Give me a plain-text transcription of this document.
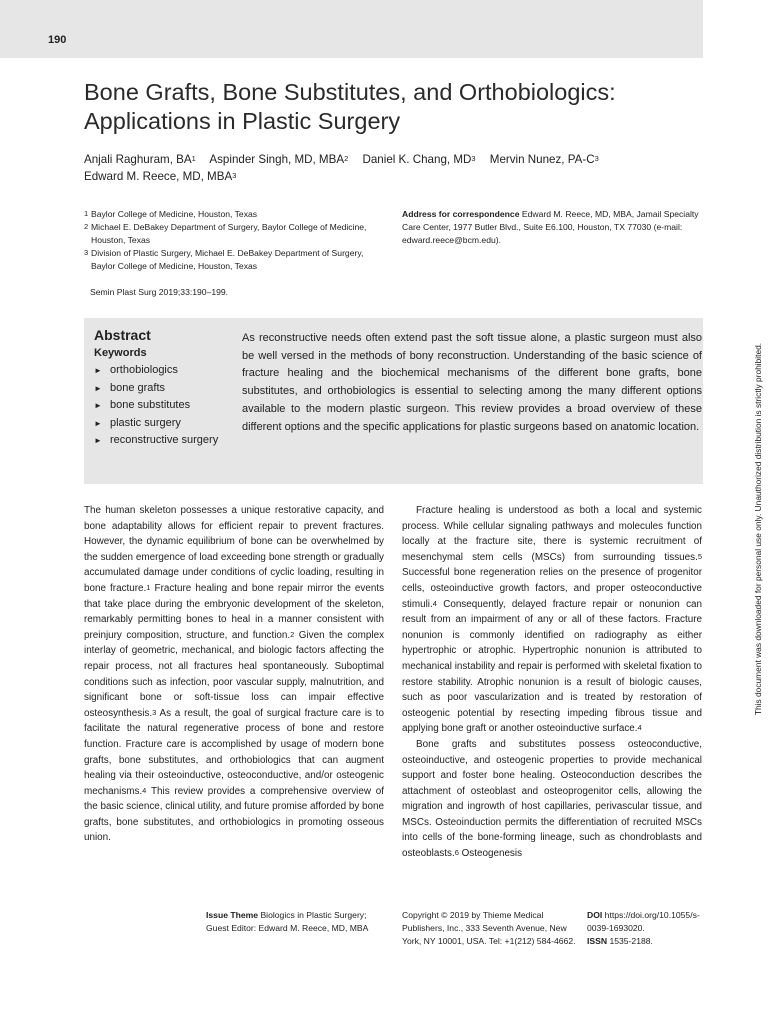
190
Bone Grafts, Bone Substitutes, and Orthobiologics: Applications in Plastic Surgery
Anjali Raghuram, $BA^1$ Aspinder Singh, MD, MBA$^2$ Daniel K. Chang, $MD^3$ Mervin Nunez, $PA-C^3$
Edward M. Reece, MD, MBA$^3$
1 Baylor College of Medicine, Houston, Texas
2 Michael E. DeBakey Department of Surgery, Baylor College of Medicine, Houston, Texas
3 Division of Plastic Surgery, Michael E. DeBakey Department of Surgery, Baylor College of Medicine, Houston, Texas
Address for correspondence Edward M. Reece, MD, MBA, Jamail Specialty Care Center, 1977 Butler Blvd., Suite E6.100, Houston, TX 77030 (e-mail: edward.reece@bcm.edu).
Semin Plast Surg 2019;33:190–199.
Abstract
Keywords
► orthobiologics
► bone grafts
► bone substitutes
► plastic surgery
► reconstructive surgery
As reconstructive needs often extend past the soft tissue alone, a plastic surgeon must also be well versed in the methods of bony reconstruction. Understanding of the basic science of fracture healing and the biochemical mechanisms of the different bone grafts, bone substitutes, and orthobiologics is essential to selecting among the many different options available to the modern plastic surgeon. This review provides a broad overview of these different options and the specific applications for plastic surgeons based on anatomic location.

The human skeleton possesses a unique restorative capacity, and bone adaptability allows for efficient repair to prevent fractures. However, the dynamic equilibrium of bone can be overwhelmed by the sudden emergence of load exceeding bone strength or gradually accumulated damage under conditions of cyclic loading, resulting in bone fracture.$^1$ Fracture healing and bone repair mirror the events that take place during the embryonic development of the skeleton, remarkably permitting bones to heal in a manner consistent with preinjury composition, structure, and function.$^2$ Given the complex interlay of geometric, mechanical, and biologic factors affecting the repair process, not all fractures heal spontaneously. Suboptimal conditions such as infection, poor vascular supply, malnutrition, and significant bone or soft-tissue loss can impair effective osteosynthesis.$^3$ As a result, the goal of surgical fracture care is to facilitate the natural regenerative process of bone and restore function. Fracture care is accomplished by usage of modern bone grafts, bone substitutes, and orthobiologics that can augment healing via their osteoinductive, osteoconductive, and/or osteogenic mechanisms.$^4$ This review provides a comprehensive overview of the basic science, clinical utility, and future promise afforded by bone grafts, bone substitutes, and orthobiologics in promoting osseous union.

Fracture healing is understood as both a local and systemic process. While cellular signaling pathways and molecules function locally at the fracture site, there is systemic recruitment of mesenchymal stem cells (MSCs) from surrounding tissues.$^5$ Successful bone regeneration relies on the presence of progenitor cells, osteoinductive growth factors, and proper osteoconductive stimuli.$^4$ Consequently, delayed fracture repair or nonunion can result from an impairment of any or all of these factors. Fracture nonunion is commonly identified on radiography as either hypertrophic or atrophic. Hypertrophic nonunion is attributed to mechanical instability and repair is performed with skeletal fixation to restore stability. Atrophic nonunion is a result of biologic causes, such as poor vascularization and is treated by restoration of osteogenic potential by resecting impeding fibrous tissue and applying bone graft or another osteoinductive surface.$^4$

Bone grafts and substitutes possess osteoconductive, osteoinductive, and osteogenic properties to provide mechanical support and foster bone healing. Osteoconduction describes the attachment of osteoblast and osteoprogenitor cells, allowing the migration and ingrowth of host capillaries, perivascular tissue, and MSCs. Osteoinduction permits the differentiation of recruited MSCs into cells of the bone-forming lineage, such as chondroblasts and osteoblasts.$^6$ Osteogenesis

This document was downloaded for personal use only. Unauthorized distribution is strictly prohibited.
Issue Theme Biologics in Plastic Surgery; Guest Editor: Edward M. Reece, MD, MBA
Copyright © 2019 by Thieme Medical Publishers, Inc., 333 Seventh Avenue, New York, NY 10001, USA. Tel: +1(212) 584-4662.
DOI https://doi.org/10.1055/s-0039-1693020.
ISSN 1535-2188.
